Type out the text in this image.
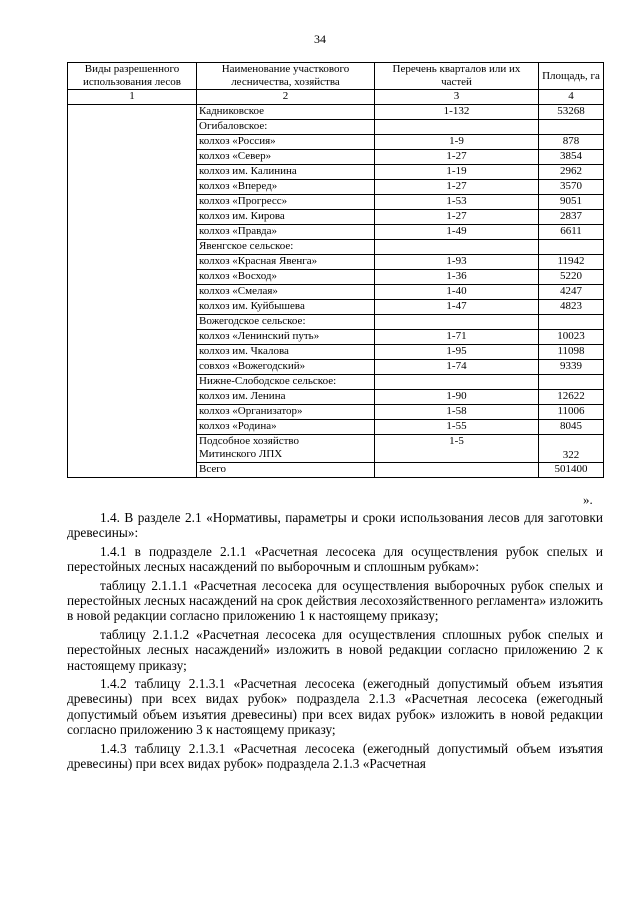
34
Виды разрешенного использования лесов	Наименование участкового лесничества, хозяйства	Перечень кварталов или их частей	Площадь, га
1	2	3	4
	Кадниковское	1-132	53268
	Огибаловское:		
	колхоз «Россия»	1-9	878
	колхоз «Север»	1-27	3854
	колхоз им. Калинина	1-19	2962
	колхоз «Вперед»	1-27	3570
	колхоз «Прогресс»	1-53	9051
	колхоз им. Кирова	1-27	2837
	колхоз «Правда»	1-49	6611
	Явенгское сельское:		
	колхоз «Красная Явенга»	1-93	11942
	колхоз «Восход»	1-36	5220
	колхоз «Смелая»	1-40	4247
	колхоз им. Куйбышева	1-47	4823
	Вожегодское сельское:		
	колхоз «Ленинский путь»	1-71	10023
	колхоз им. Чкалова	1-95	11098
	совхоз «Вожегодский»	1-74	9339
	Нижне-Слободское сельское:		
	колхоз им. Ленина	1-90	12622
	колхоз «Организатор»	1-58	11006
	колхоз «Родина»	1-55	8045

	Подсобное хозяйство
Митинского ЛПХ	1-5	322
	Всего		501400
».

1.4. В разделе 2.1 «Нормативы, параметры и сроки использования лесов для заготовки древесины»:

1.4.1 в подразделе 2.1.1 «Расчетная лесосека для осуществления рубок спелых и перестойных лесных насаждений по выборочным и сплошным рубкам»:

таблицу 2.1.1.1 «Расчетная лесосека для осуществления выборочных рубок спелых и перестойных лесных насаждений на срок действия лесохозяйственного регламента» изложить в новой редакции согласно приложению 1 к настоящему приказу;

таблицу 2.1.1.2 «Расчетная лесосека для осуществления сплошных рубок спелых и перестойных лесных насаждений» изложить в новой редакции согласно приложению 2 к настоящему приказу;

1.4.2 таблицу 2.1.3.1 «Расчетная лесосека (ежегодный допустимый объем изъятия древесины) при всех видах рубок» подраздела 2.1.3 «Расчетная лесосека (ежегодный допустимый объем изъятия древесины) при всех видах рубок» изложить в новой редакции согласно приложению 3 к настоящему приказу;

1.4.3 таблицу 2.1.3.1 «Расчетная лесосека (ежегодный допустимый объем изъятия древесины) при всех видах рубок» подраздела 2.1.3 «Расчетная
